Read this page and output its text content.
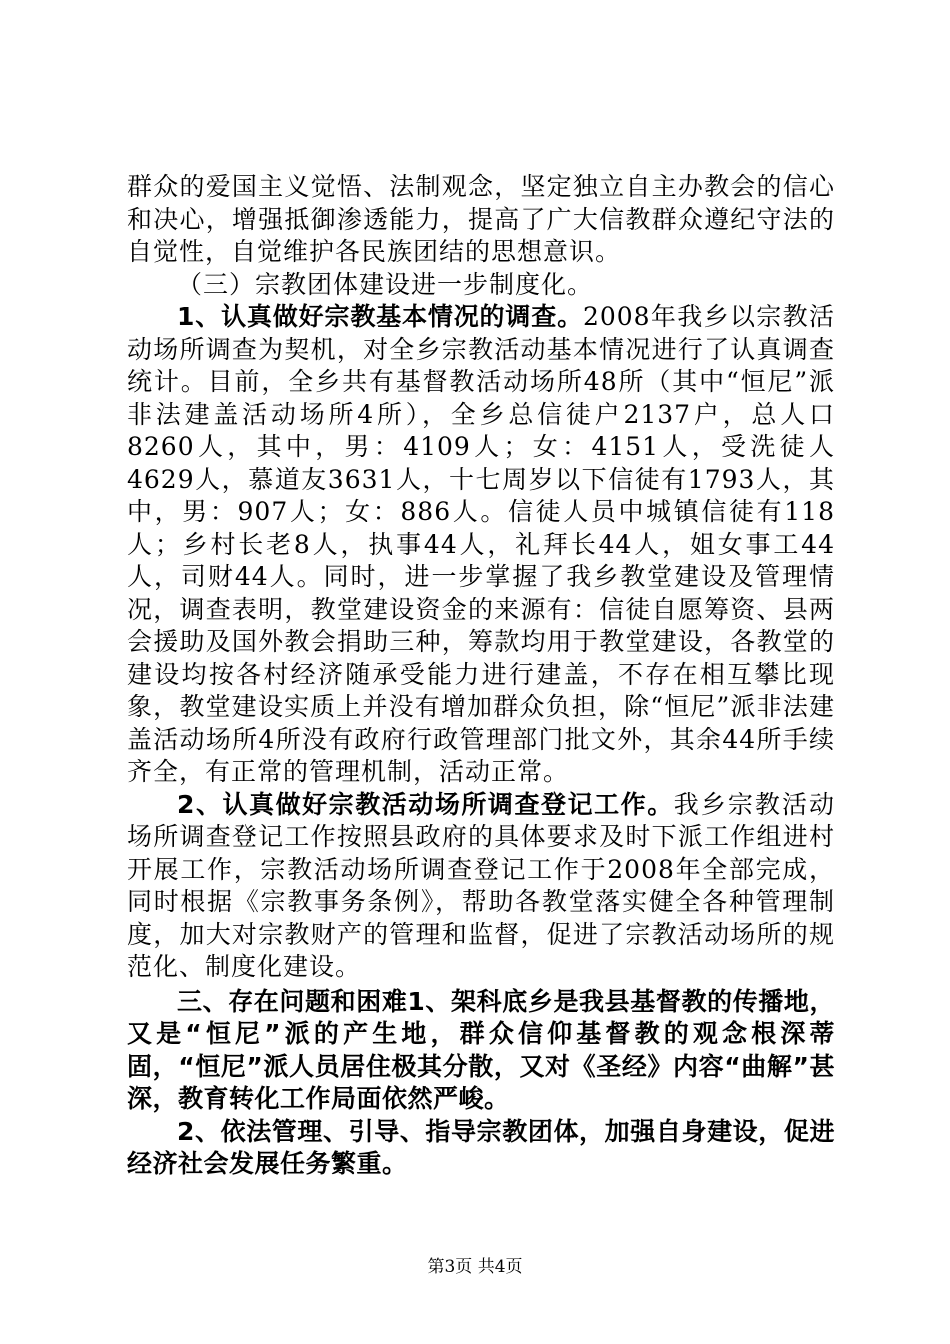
群众的爱国主义觉悟、法制观念，坚定独立自主办教会的信心和决心，增强抵御渗透能力，提高了广大信教群众遵纪守法的自觉性，自觉维护各民族团结的思想意识。

（三）宗教团体建设进一步制度化。

1、认真做好宗教基本情况的调查。2008年我乡以宗教活动场所调查为契机，对全乡宗教活动基本情况进行了认真调查统计。目前，全乡共有基督教活动场所48所（其中“恒尼”派非法建盖活动场所4所），全乡总信徒户2137户，总人口8260人，其中，男：4109人；女：4151人，受洗徒人4629人，慕道友3631人，十七周岁以下信徒有1793人，其中，男：907人；女：886人。信徒人员中城镇信徒有118人；乡村长老8人，执事44人，礼拜长44人，姐女事工44人，司财44人。同时，进一步掌握了我乡教堂建设及管理情况，调查表明，教堂建设资金的来源有：信徒自愿筹资、县两会援助及国外教会捐助三种，筹款均用于教堂建设，各教堂的建设均按各村经济随承受能力进行建盖，不存在相互攀比现象，教堂建设实质上并没有增加群众负担，除“恒尼”派非法建盖活动场所4所没有政府行政管理部门批文外，其余44所手续齐全，有正常的管理机制，活动正常。

2、认真做好宗教活动场所调查登记工作。我乡宗教活动场所调查登记工作按照县政府的具体要求及时下派工作组进村开展工作，宗教活动场所调查登记工作于2008年全部完成，同时根据《宗教事务条例》，帮助各教堂落实健全各种管理制度，加大对宗教财产的管理和监督，促进了宗教活动场所的规范化、制度化建设。

三、存在问题和困难1、架科底乡是我县基督教的传播地，又是“恒尼”派的产生地，群众信仰基督教的观念根深蒂固，“恒尼”派人员居住极其分散，又对《圣经》内容“曲解”甚深，教育转化工作局面依然严峻。

2、依法管理、引导、指导宗教团体，加强自身建设，促进经济社会发展任务繁重。

第3页 共4页
